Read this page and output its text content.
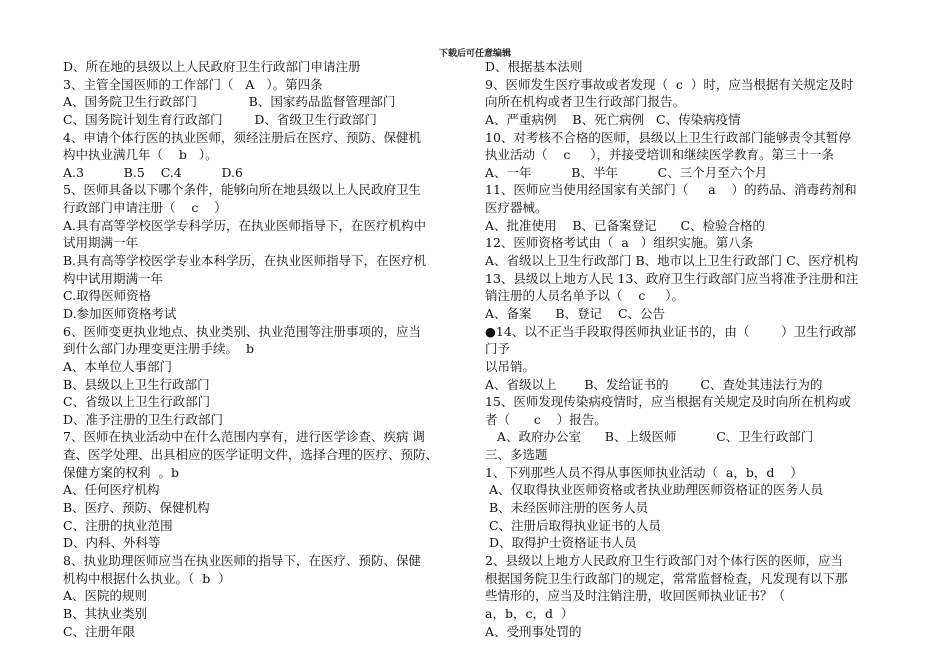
下载后可任意编辑
D、所在地的县级以上人民政府卫生行政部门申请注册
3、主管全国医师的工作部门（   A   ）。第四条
A、国务院卫生行政部门             B、国家药品监督管理部门
C、国务院计划生育行政部门        D、省级卫生行政部门
4、申请个体行医的执业医师，须经注册后在医疗、预防、保健机
构中执业满几年（    b   ）。
A.3          B.5    C.4          D.6
5、医师具备以下哪个条件，能够向所在地县级以上人民政府卫生
行政部门申请注册（    c    ）
A.具有高等学校医学专科学历，在执业医师指导下，在医疗机构中
试用期满一年
B.具有高等学校医学专业本科学历，在执业医师指导下，在医疗机
构中试用期满一年
C.取得医师资格
D.参加医师资格考试
6、医师变更执业地点、执业类别、执业范围等注册事项的，应当
到什么部门办理变更注册手续。  b
A、本单位人事部门
B、县级以上卫生行政部门
C、省级以上卫生行政部门
D、准予注册的卫生行政部门
7、医师在执业活动中在什么范围内享有，进行医学诊查、疾病 调
查、医学处理、出具相应的医学证明文件，选择合理的医疗、预防、
保健方案的权利  。b
A、任何医疗机构
B、医疗、预防、保健机构
C、注册的执业范围
D、内科、外科等
8、执业助理医师应当在执业医师的指导下，在医疗、预防、保健
机构中根据什么执业。（  b  ）
A、医院的规则
B、其执业类别
C、注册年限
D、根据基本法则
9、医师发生医疗事故或者发现（  c  ）时，应当根据有关规定及时
向所在机构或者卫生行政部门报告。
A、严重病例    B、死亡病例   C、传染病疫情
10、对考核不合格的医师，县级以上卫生行政部门能够责令其暂停
执业活动（    c     ），并接受培训和继续医学教育。第三十一条
A、一年          B、半年          C、三个月至六个月
11、医师应当使用经国家有关部门（     a    ）的药品、消毒药剂和
医疗器械。
A、批准使用    B、已备案登记      C、检验合格的
12、医师资格考试由（  a   ）组织实施。第八条
A、省级以上卫生行政部门 B、地市以上卫生行政部门 C、医疗机构
13、县级以上地方人民 13、政府卫生行政部门应当将准予注册和注
销注册的人员名单予以（    c     ）。
A、备案      B、登记    C、公告
●14、以不正当手段取得医师执业证书的，由（        ）卫生行政部
门予
以吊销。
A、省级以上       B、发给证书的        C、查处其违法行为的
15、医师发现传染病疫情时，应当根据有关规定及时向所在机构或
者（      c    ）报告。
A、政府办公室      B、上级医师          C、卫生行政部门
三、多选题
1、下列那些人员不得从事医师执业活动（  a，b，d    ）
A、仅取得执业医师资格或者执业助理医师资格证的医务人员
B、未经医师注册的医务人员
C、注册后取得执业证书的人员
D、取得护士资格证书人员
2、县级以上地方人民政府卫生行政部门对个体行医的医师，应当
根据国务院卫生行政部门的规定，常常监督检查，凡发现有以下那
些情形的，应当及时注销注册，收回医师执业证书？（
a，b，c，d  ）
A、受刑事处罚的
